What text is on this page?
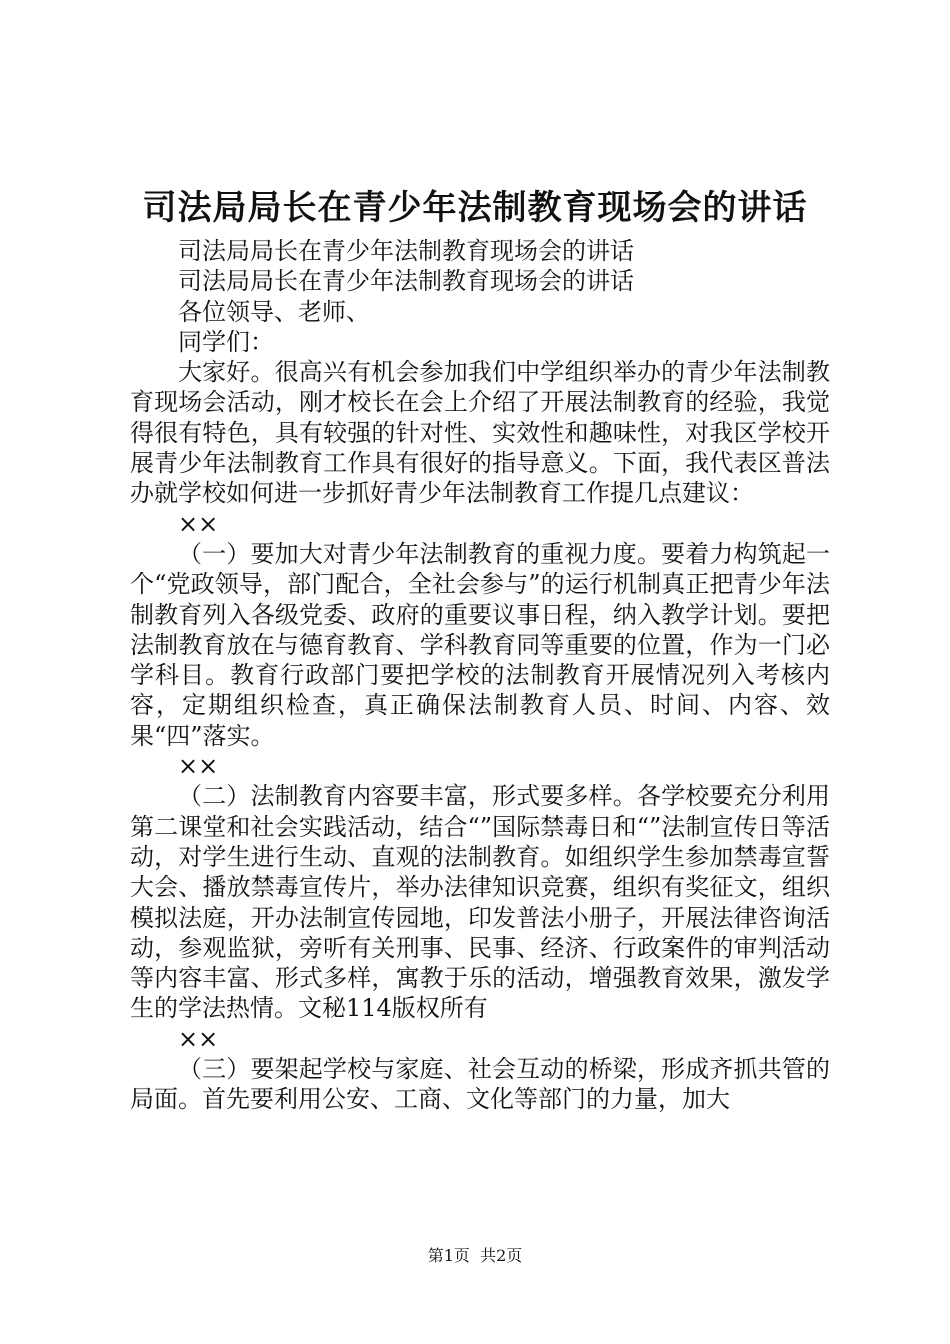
司法局局长在青少年法制教育现场会的讲话

司法局局长在青少年法制教育现场会的讲话

司法局局长在青少年法制教育现场会的讲话

各位领导、老师、

同学们：

大家好。很高兴有机会参加我们中学组织举办的青少年法制教育现场会活动，刚才校长在会上介绍了开展法制教育的经验，我觉得很有特色，具有较强的针对性、实效性和趣味性，对我区学校开展青少年法制教育工作具有很好的指导意义。下面，我代表区普法办就学校如何进一步抓好青少年法制教育工作提几点建议：

××

（一）要加大对青少年法制教育的重视力度。要着力构筑起一个“党政领导，部门配合，全社会参与”的运行机制真正把青少年法制教育列入各级党委、政府的重要议事日程，纳入教学计划。要把法制教育放在与德育教育、学科教育同等重要的位置，作为一门必学科目。教育行政部门要把学校的法制教育开展情况列入考核内容，定期组织检查，真正确保法制教育人员、时间、内容、效果“四”落实。

××

（二）法制教育内容要丰富，形式要多样。各学校要充分利用第二课堂和社会实践活动，结合“”国际禁毒日和“”法制宣传日等活动，对学生进行生动、直观的法制教育。如组织学生参加禁毒宣誓大会、播放禁毒宣传片，举办法律知识竞赛，组织有奖征文，组织模拟法庭，开办法制宣传园地，印发普法小册子，开展法律咨询活动，参观监狱，旁听有关刑事、民事、经济、行政案件的审判活动等内容丰富、形式多样，寓教于乐的活动，增强教育效果，激发学生的学法热情。文秘114版权所有

××

（三）要架起学校与家庭、社会互动的桥梁，形成齐抓共管的局面。首先要利用公安、工商、文化等部门的力量，加大

第1页 共2页
